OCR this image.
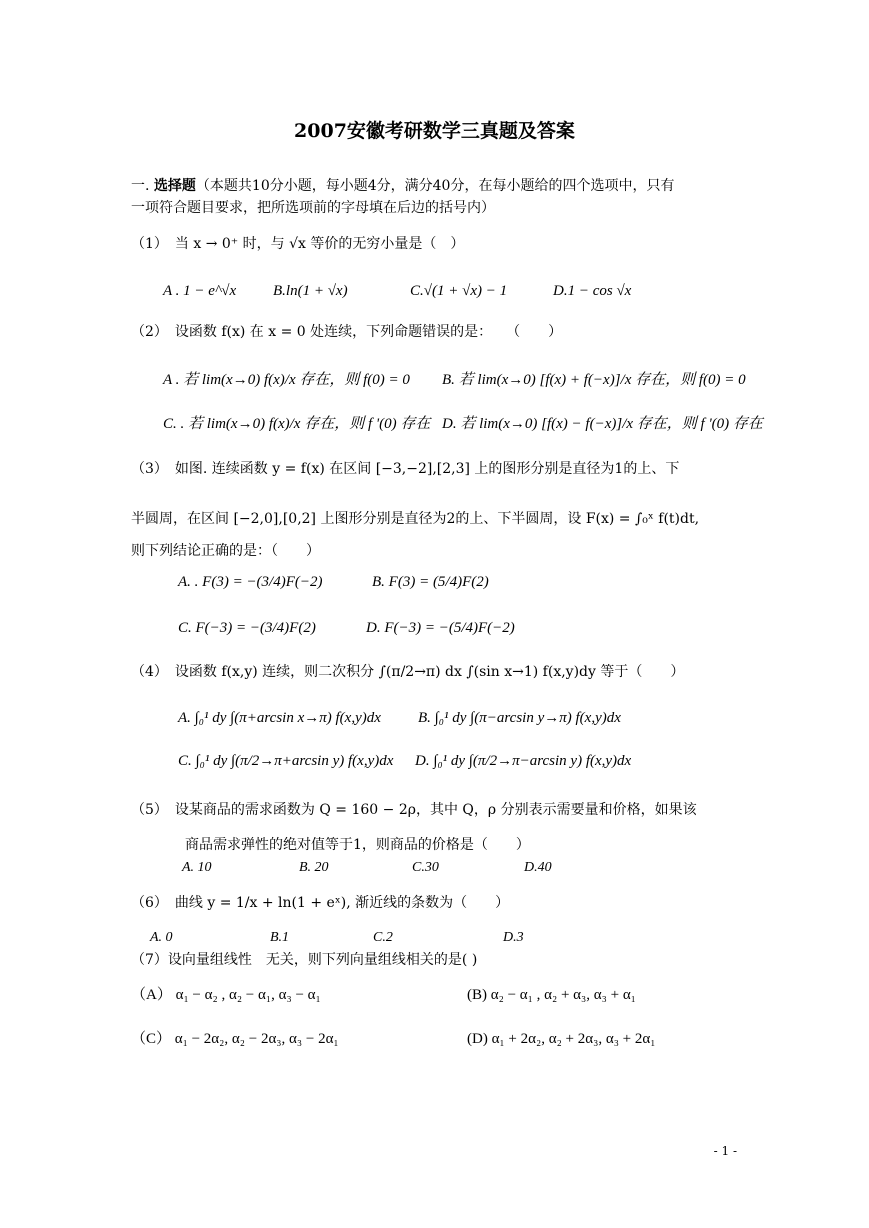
2007安徽考研数学三真题及答案
一. 选择题（本题共10分小题，每小题4分，满分40分，在每小题给的四个选项中，只有
一项符合题目要求，把所选项前的字母填在后边的括号内）
（1）　当 x → 0⁺ 时，与 √x 等价的无穷小量是（　）
A . 1 − e^√x B.ln(1 + √x)	C.√(1 + √x) − 1	D.1 − cos √x
（2）　设函数 f(x) 在 x = 0 处连续，下列命题错误的是：　　（　　）
A . 若 lim(x→0) f(x)/x 存在，则 f(0) = 0 B. 若 lim(x→0) [f(x) + f(−x)]/x 存在，则 f(0) = 0
C. . 若 lim(x→0) f(x)/x 存在，则 f '(0) 存在 D. 若 lim(x→0) [f(x) − f(−x)]/x 存在，则 f '(0) 存在
（3）　如图. 连续函数 y = f(x) 在区间 [−3,−2],[2,3] 上的图形分别是直径为1的上、下
半圆周，在区间 [−2,0],[0,2] 上图形分别是直径为2的上、下半圆周，设 F(x) = ∫₀ˣ f(t)dt,
则下列结论正确的是：（　　）
A. . F(3) = −(3/4)F(−2)	B. F(3) = (5/4)F(2)
C. F(−3) = −(3/4)F(2)	D. F(−3) = −(5/4)F(−2)
（4）　设函数 f(x,y) 连续，则二次积分 ∫(π/2→π) dx ∫(sin x→1) f(x,y)dy 等于（　　）
A. ∫₀¹ dy ∫(π+arcsin x→π) f(x,y)dx B. ∫₀¹ dy ∫(π−arcsin y→π) f(x,y)dx
C. ∫₀¹ dy ∫(π/2→π+arcsin y) f(x,y)dx D. ∫₀¹ dy ∫(π/2→π−arcsin y) f(x,y)dx
（5）　设某商品的需求函数为 Q = 160 − 2ρ，其中 Q，ρ 分别表示需要量和价格，如果该
商品需求弹性的绝对值等于1，则商品的价格是（　　）
A. 10	B. 20	C.30	D.40
（6）　曲线 y = 1/x + ln(1 + eˣ), 渐近线的条数为（　　）
A. 0	B.1	C.2	D.3
（7）设向量组线性　无关，则下列向量组线相关的是( )
（A） α₁ − α₂ , α₂ − α₁, α₃ − α₁	(B) α₂ − α₁ , α₂ + α₃, α₃ + α₁
（C） α₁ − 2α₂, α₂ − 2α₃, α₃ − 2α₁	(D) α₁ + 2α₂, α₂ + 2α₃, α₃ + 2α₁
- 1 -
